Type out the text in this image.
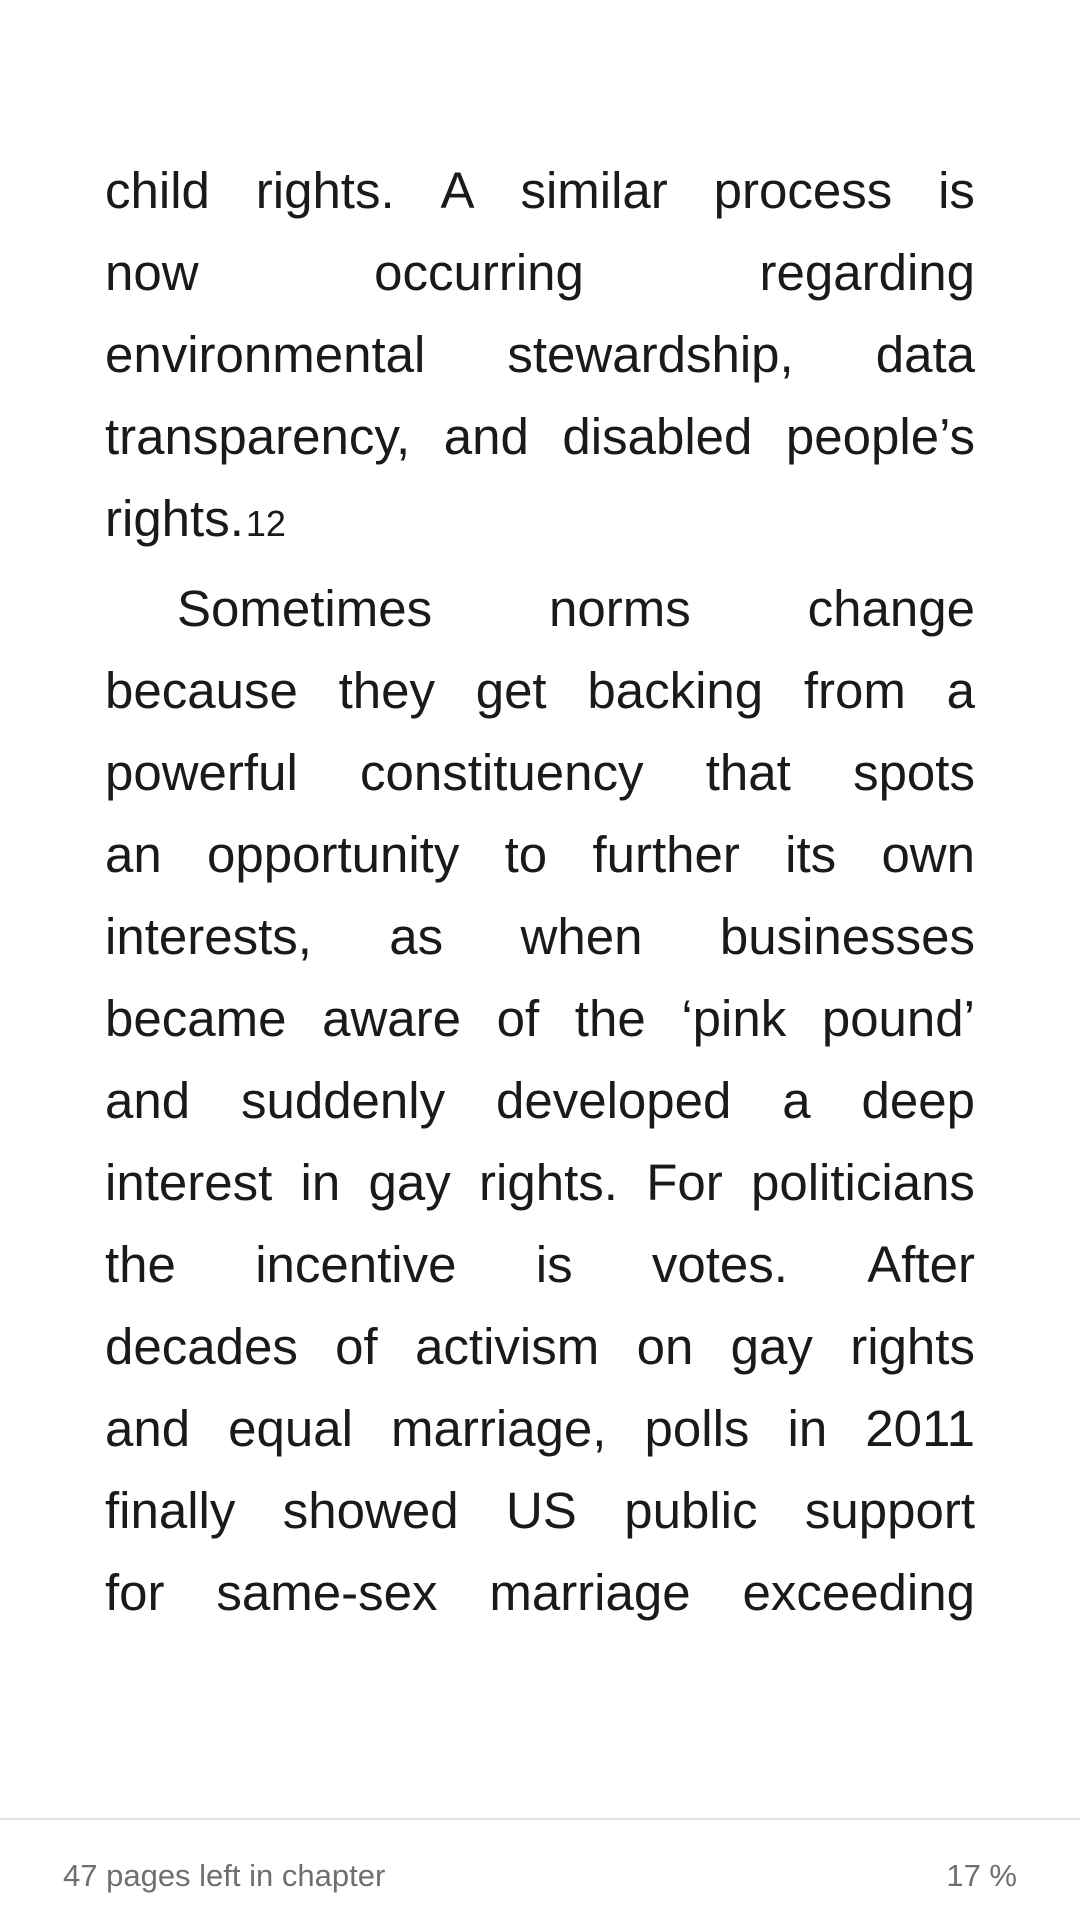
child rights. A similar process is
now	occurring	regarding
environmental stewardship, data
transparency, and disabled people’s
rights. 12
Sometimes norms change
because they get backing from a
powerful constituency that spots
an opportunity to further its own
interests, as when businesses
became aware of the ‘pink pound’
and suddenly developed a deep
interest in gay rights. For politicians
the incentive is votes. After
decades of activism on gay rights
and equal marriage, polls in 2011
finally showed US public support
for same-sex marriage exceeding
47 pages left in chapter	17 %
